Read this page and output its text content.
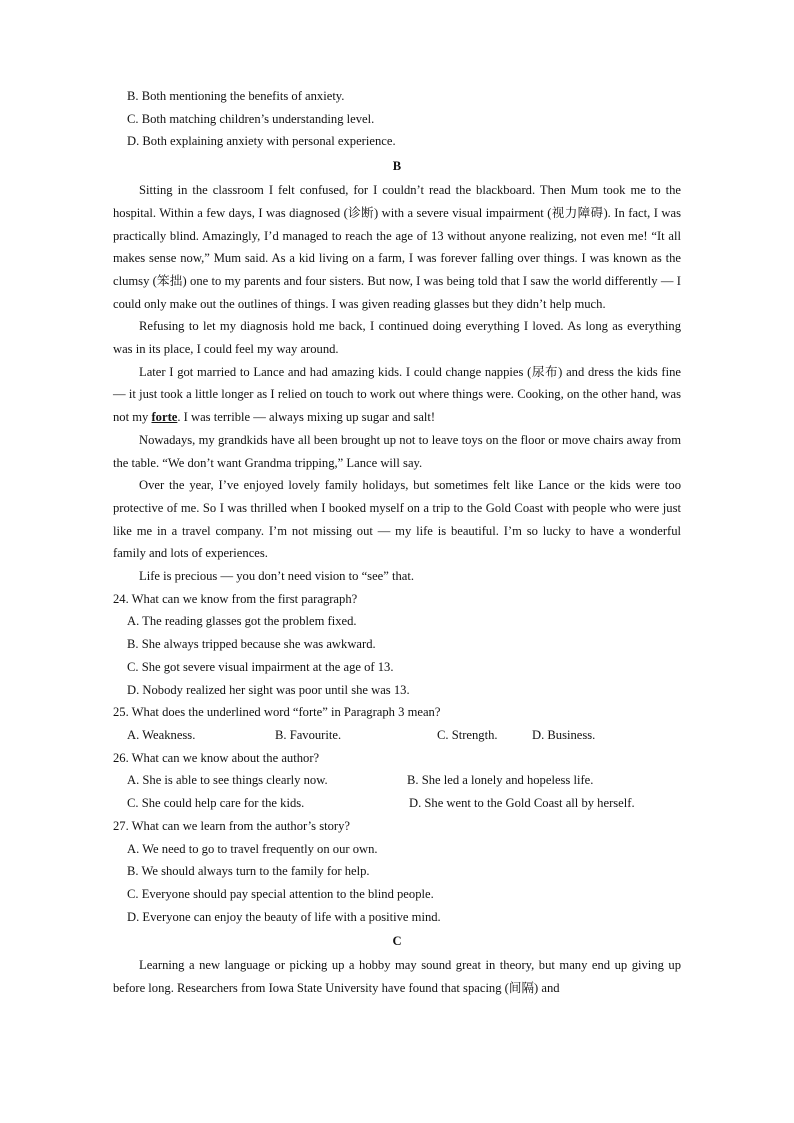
B. Both mentioning the benefits of anxiety.
C. Both matching children’s understanding level.
D. Both explaining anxiety with personal experience.
B
Sitting in the classroom I felt confused, for I couldn’t read the blackboard. Then Mum took me to the hospital. Within a few days, I was diagnosed (诊断) with a severe visual impairment (视力障碍). In fact, I was practically blind. Amazingly, I’d managed to reach the age of 13 without anyone realizing, not even me! “It all makes sense now,” Mum said. As a kid living on a farm, I was forever falling over things. I was known as the clumsy (笨拙) one to my parents and four sisters. But now, I was being told that I saw the world differently — I could only make out the outlines of things. I was given reading glasses but they didn’t help much.
Refusing to let my diagnosis hold me back, I continued doing everything I loved. As long as everything was in its place, I could feel my way around.
Later I got married to Lance and had amazing kids. I could change nappies (尿布) and dress the kids fine — it just took a little longer as I relied on touch to work out where things were. Cooking, on the other hand, was not my forte. I was terrible — always mixing up sugar and salt!
Nowadays, my grandkids have all been brought up not to leave toys on the floor or move chairs away from the table. “We don’t want Grandma tripping,” Lance will say.
Over the year, I’ve enjoyed lovely family holidays, but sometimes felt like Lance or the kids were too protective of me. So I was thrilled when I booked myself on a trip to the Gold Coast with people who were just like me in a travel company. I’m not missing out — my life is beautiful. I’m so lucky to have a wonderful family and lots of experiences.
Life is precious — you don’t need vision to “see” that.
24. What can we know from the first paragraph?
A. The reading glasses got the problem fixed.
B. She always tripped because she was awkward.
C. She got severe visual impairment at the age of 13.
D. Nobody realized her sight was poor until she was 13.
25. What does the underlined word “forte” in Paragraph 3 mean?
A. Weakness.	B. Favourite.	C. Strength.	D. Business.
26. What can we know about the author?
A. She is able to see things clearly now.	B. She led a lonely and hopeless life.
C. She could help care for the kids.	D. She went to the Gold Coast all by herself.
27. What can we learn from the author’s story?
A. We need to go to travel frequently on our own.
B. We should always turn to the family for help.
C. Everyone should pay special attention to the blind people.
D. Everyone can enjoy the beauty of life with a positive mind.
C
Learning a new language or picking up a hobby may sound great in theory, but many end up giving up before long. Researchers from Iowa State University have found that spacing (间隔) and
